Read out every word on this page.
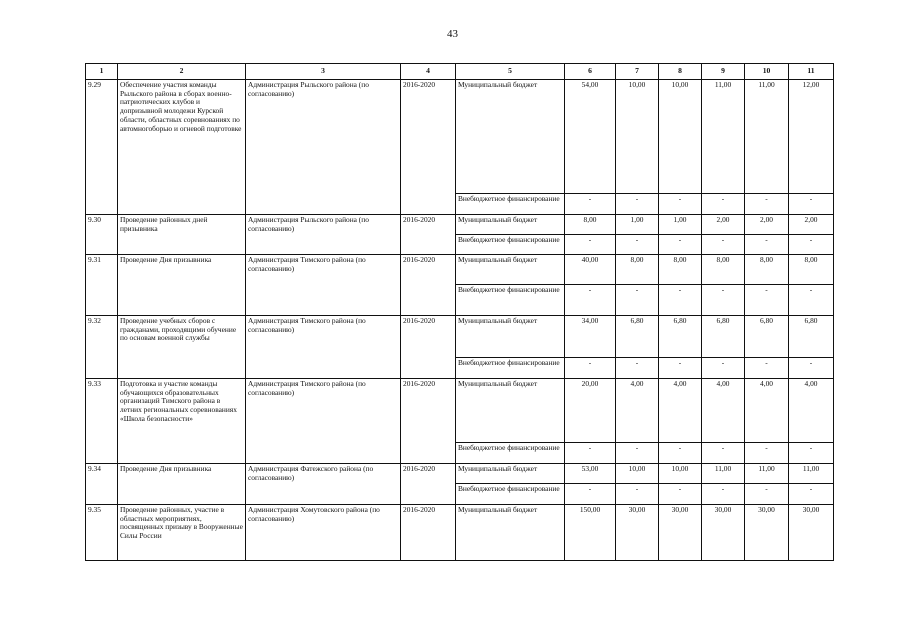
43
1	2	3	4	5	6	7	8	9	10	11
9.29	Обеспечение участия команды Рыльского района в сборах военно-патриотических клубов и допризывной молодежи Курской области, областных соревнованиях по автомногоборью и огневой подготовке	Администрация Рыльского района (по согласованию)	2016-2020	Муниципальный бюджет	54,00	10,00	10,00	11,00	11,00	12,00
				Внебюджетное финансирование	-	-	-	-	-	-
9.30	Проведение районных дней призывника	Администрация Рыльского района (по согласованию)	2016-2020	Муниципальный бюджет	8,00	1,00	1,00	2,00	2,00	2,00
				Внебюджетное финансирование	-	-	-	-	-	-
9.31	Проведение Дня призывника	Администрация Тимского района (по согласованию)	2016-2020	Муниципальный бюджет	40,00	8,00	8,00	8,00	8,00	8,00
				Внебюджетное финансирование	-	-	-	-	-	-
9.32	Проведение учебных сборов с гражданами, проходящими обучение по основам военной службы	Администрация Тимского района (по согласованию)	2016-2020	Муниципальный бюджет	34,00	6,80	6,80	6,80	6,80	6,80
				Внебюджетное финансирование	-	-	-	-	-	-
9.33	Подготовка и участие команды обучающихся образовательных организаций Тимского района в летних региональных соревнованиях «Школа безопасности»	Администрация Тимского района (по согласованию)	2016-2020	Муниципальный бюджет	20,00	4,00	4,00	4,00	4,00	4,00
				Внебюджетное финансирование	-	-	-	-	-	-
9.34	Проведение Дня призывника	Администрация Фатежского района (по согласованию)	2016-2020	Муниципальный бюджет	53,00	10,00	10,00	11,00	11,00	11,00
				Внебюджетное финансирование	-	-	-	-	-	-
9.35	Проведение районных, участие в областных мероприятиях, посвященных призыву в Вооруженные Силы России	Администрация Хомутовского района (по согласованию)	2016-2020	Муниципальный бюджет	150,00	30,00	30,00	30,00	30,00	30,00
